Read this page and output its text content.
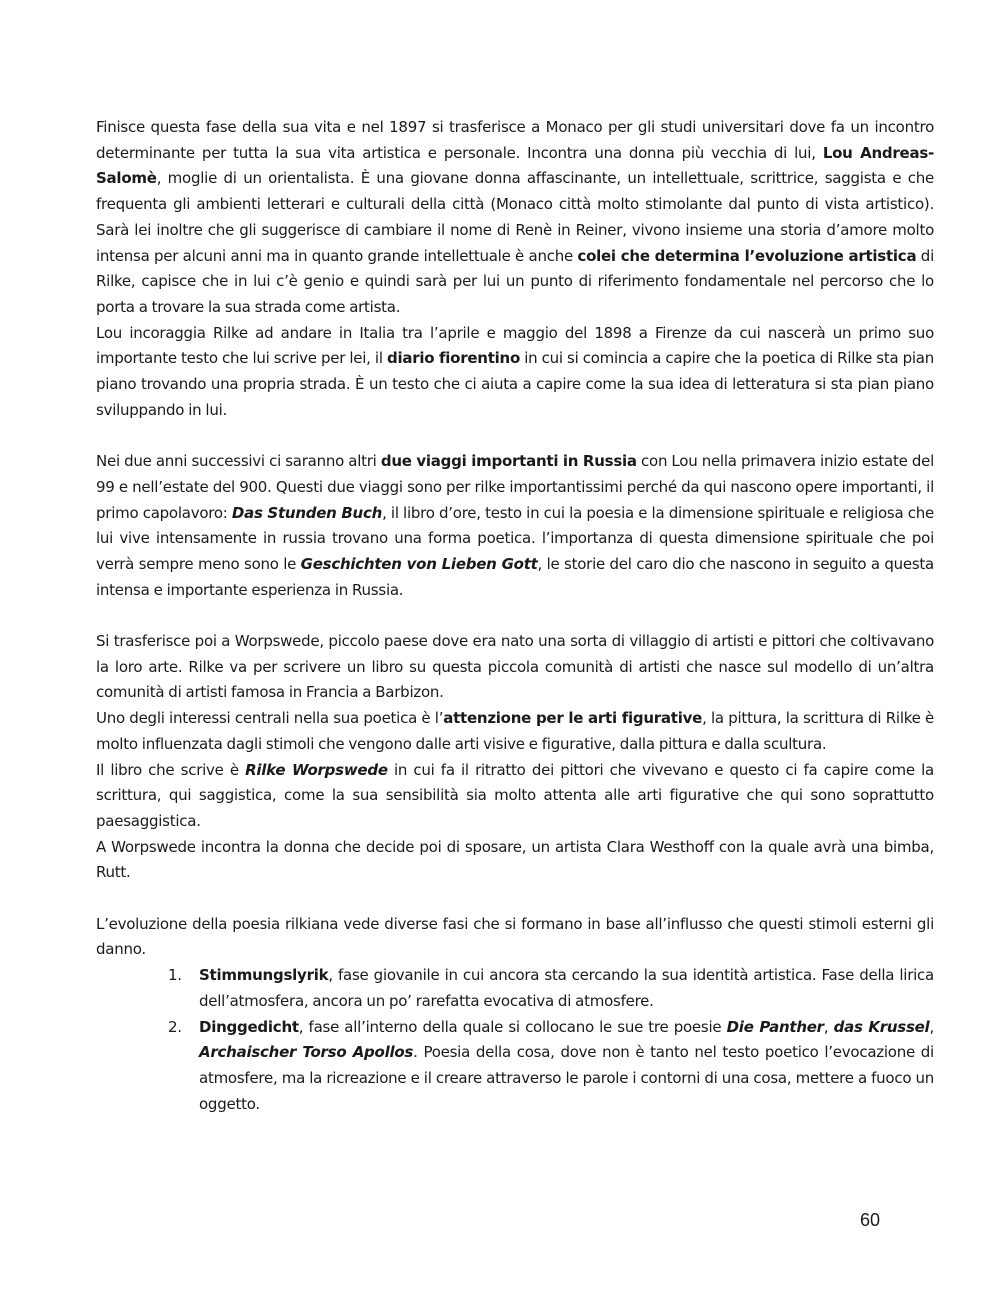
Finisce questa fase della sua vita e nel 1897 si trasferisce a Monaco per gli studi universitari dove fa un incontro determinante per tutta la sua vita artistica e personale. Incontra una donna più vecchia di lui, Lou Andreas-Salomè, moglie di un orientalista. È una giovane donna affascinante, un intellettuale, scrittrice, saggista e che frequenta gli ambienti letterari e culturali della città (Monaco città molto stimolante dal punto di vista artistico). Sarà lei inoltre che gli suggerisce di cambiare il nome di Renè in Reiner, vivono insieme una storia d’amore molto intensa per alcuni anni ma in quanto grande intellettuale è anche colei che determina l’evoluzione artistica di Rilke, capisce che in lui c’è genio e quindi sarà per lui un punto di riferimento fondamentale nel percorso che lo porta a trovare la sua strada come artista.

Lou incoraggia Rilke ad andare in Italia tra l’aprile e maggio del 1898 a Firenze da cui nascerà un primo suo importante testo che lui scrive per lei, il diario fiorentino in cui si comincia a capire che la poetica di Rilke sta pian piano trovando una propria strada. È un testo che ci aiuta a capire come la sua idea di letteratura si sta pian piano sviluppando in lui.

Nei due anni successivi ci saranno altri due viaggi importanti in Russia con Lou nella primavera inizio estate del 99 e nell’estate del 900. Questi due viaggi sono per rilke importantissimi perché da qui nascono opere importanti, il primo capolavoro: Das Stunden Buch, il libro d’ore, testo in cui la poesia e la dimensione spirituale e religiosa che lui vive intensamente in russia trovano una forma poetica. l’importanza di questa dimensione spirituale che poi verrà sempre meno sono le Geschichten von Lieben Gott, le storie del caro dio che nascono in seguito a questa intensa e importante esperienza in Russia.

Si trasferisce poi a Worpswede, piccolo paese dove era nato una sorta di villaggio di artisti e pittori che coltivavano la loro arte. Rilke va per scrivere un libro su questa piccola comunità di artisti che nasce sul modello di un’altra comunità di artisti famosa in Francia a Barbizon.

Uno degli interessi centrali nella sua poetica è l’attenzione per le arti figurative, la pittura, la scrittura di Rilke è molto influenzata dagli stimoli che vengono dalle arti visive e figurative, dalla pittura e dalla scultura.

Il libro che scrive è Rilke Worpswede in cui fa il ritratto dei pittori che vivevano e questo ci fa capire come la scrittura, qui saggistica, come la sua sensibilità sia molto attenta alle arti figurative che qui sono soprattutto paesaggistica.

A Worpswede incontra la donna che decide poi di sposare, un artista Clara Westhoff con la quale avrà una bimba, Rutt.

L’evoluzione della poesia rilkiana vede diverse fasi che si formano in base all’influsso che questi stimoli esterni gli danno.

1. Stimmungslyrik, fase giovanile in cui ancora sta cercando la sua identità artistica. Fase della lirica dell’atmosfera, ancora un po’ rarefatta evocativa di atmosfere.
2. Dinggedicht, fase all’interno della quale si collocano le sue tre poesie Die Panther, das Krussel, Archaischer Torso Apollos. Poesia della cosa, dove non è tanto nel testo poetico l’evocazione di atmosfere, ma la ricreazione e il creare attraverso le parole i contorni di una cosa, mettere a fuoco un oggetto.
60
